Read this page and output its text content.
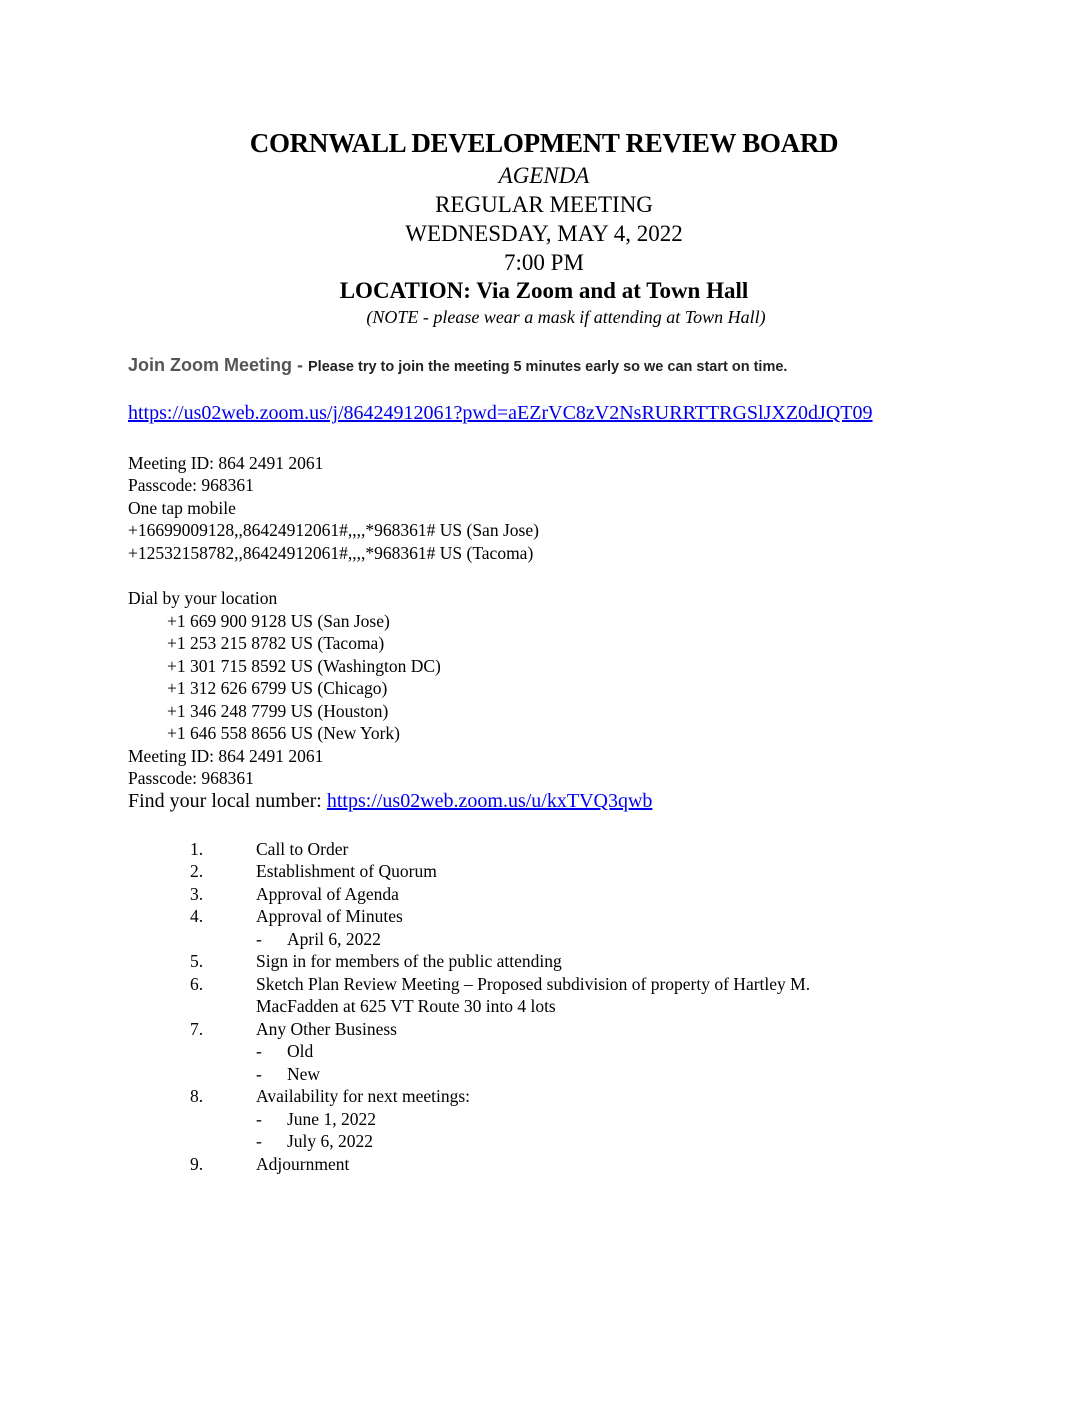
CORNWALL DEVELOPMENT REVIEW BOARD
AGENDA
REGULAR MEETING
WEDNESDAY, MAY 4, 2022
7:00 PM
LOCATION: Via Zoom and at Town Hall
(NOTE - please wear a mask if attending at Town Hall)
Join Zoom Meeting - Please try to join the meeting 5 minutes early so we can start on time.
https://us02web.zoom.us/j/86424912061?pwd=aEZrVC8zV2NsRURRTTRGSlJXZ0dJQT09
Meeting ID: 864 2491 2061
Passcode: 968361
One tap mobile
+16699009128,,86424912061#,,,,*968361# US (San Jose)
+12532158782,,86424912061#,,,,*968361# US (Tacoma)
Dial by your location
+1 669 900 9128 US (San Jose)
+1 253 215 8782 US (Tacoma)
+1 301 715 8592 US (Washington DC)
+1 312 626 6799 US (Chicago)
+1 346 248 7799 US (Houston)
+1 646 558 8656 US (New York)
Meeting ID: 864 2491 2061
Passcode: 968361
Find your local number: https://us02web.zoom.us/u/kxTVQ3qwb
1.	Call to Order
2.	Establishment of Quorum
3.	Approval of Agenda
4.	Approval of Minutes
- April 6, 2022
5.	Sign in for members of the public attending
6.	Sketch Plan Review Meeting – Proposed subdivision of property of Hartley M.
MacFadden at 625 VT Route 30 into 4 lots
7.	Any Other Business
- Old
- New
8.	Availability for next meetings:
- June 1, 2022
- July 6, 2022
9.	Adjournment
